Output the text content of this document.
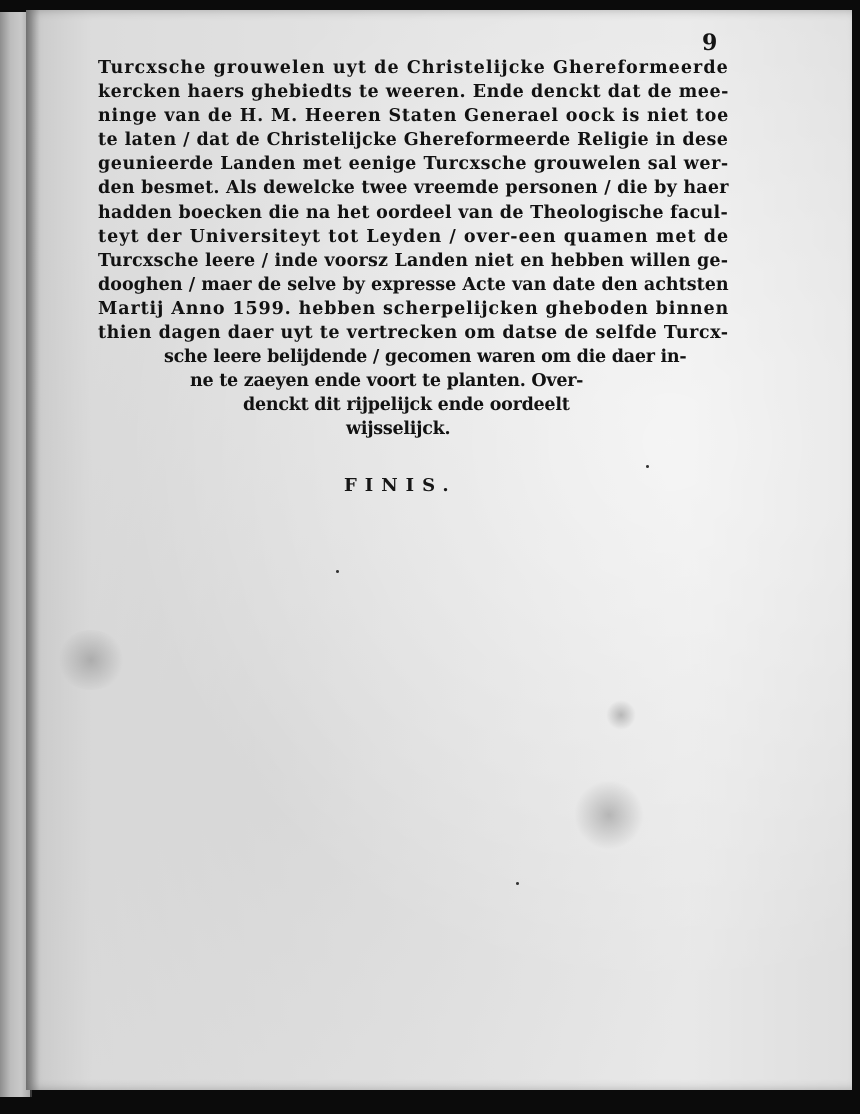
9
Turcxsche grouwelen uyt de Christelijcke Ghereformeerde
kercken haers ghebiedts te weeren. Ende denckt dat de mee-
ninge van de H. M. Heeren Staten Generael oock is niet toe
te laten / dat de Christelijcke Ghereformeerde Religie in dese
geunieerde Landen met eenige Turcxsche grouwelen sal wer-
den besmet. Als dewelcke twee vreemde personen / die by haer
hadden boecken die na het oordeel van de Theologische facul-
teyt der Universiteyt tot Leyden / over-een quamen met de
Turcxsche leere / inde voorsz Landen niet en hebben willen ge-
dooghen / maer de selve by expresse Acte van date den achtsten
Martij Anno 1599. hebben scherpelijcken gheboden binnen
thien dagen daer uyt te vertrecken om datse de selfde Turcx-
sche leere belijdende / gecomen waren om die daer in-
ne te zaeyen ende voort te planten. Over-
denckt dit rijpelijck ende oordeelt
wijsselijck.
FINIS.
